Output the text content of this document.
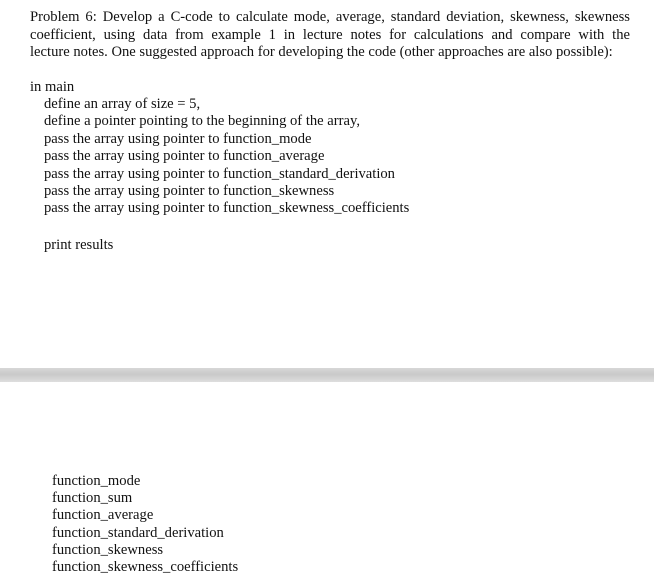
Problem 6: Develop a C-code to calculate mode, average, standard deviation, skewness, skewness
coefficient, using data from example 1 in lecture notes for calculations and compare with the
lecture notes. One suggested approach for developing the code (other approaches are also possible):
in main
define an array of size = 5,
define a pointer pointing to the beginning of the array,
pass the array using pointer to function_mode
pass the array using pointer to function_average
pass the array using pointer to function_standard_derivation
pass the array using pointer to function_skewness
pass the array using pointer to function_skewness_coefficients
print results
function_mode
function_sum
function_average
function_standard_derivation
function_skewness
function_skewness_coefficients
